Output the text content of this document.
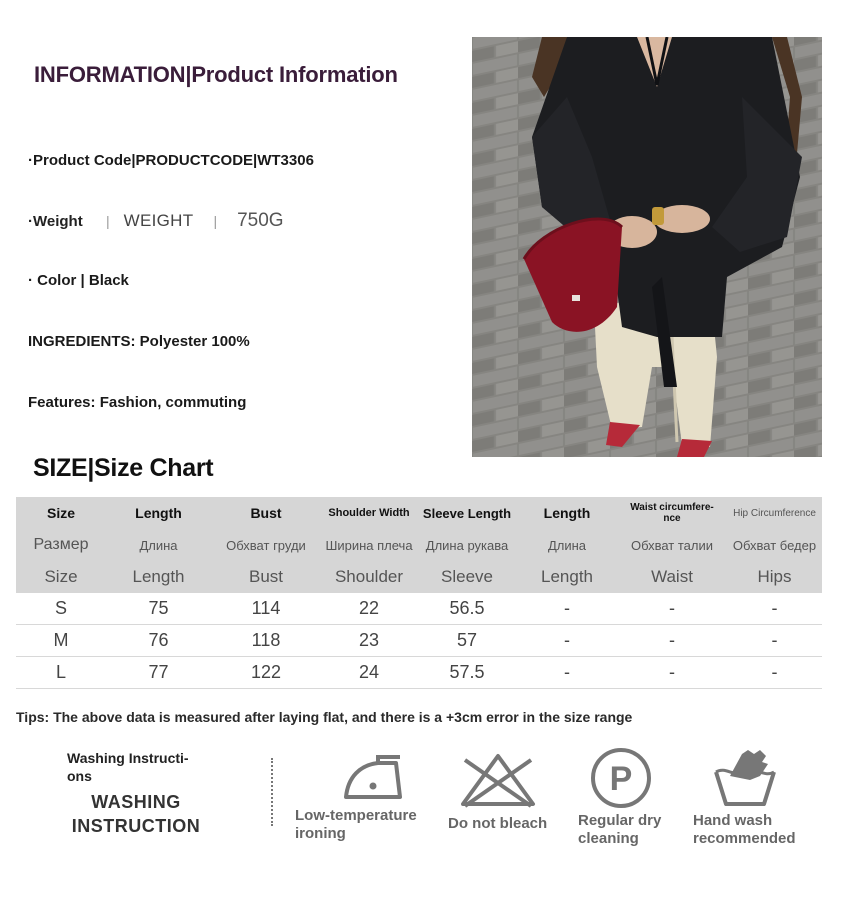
INFORMATION|Product Information
·Product Code|PRODUCTCODE|WT3306
·Weight	| WEIGHT | 750G
· Color | Black
INGREDIENTS: Polyester 100%
Features: Fashion, commuting
SIZE|Size Chart
Size	Length	Bust	Shoulder Width	Sleeve Length	Length	Waist circumfere-nce	Hip Circumference
Размер	Длина	Обхват груди	Ширина плеча	Длина рукава	Длина	Обхват талии	Обхват бедер
Size	Length	Bust	Shoulder	Sleeve	Length	Waist	Hips
S	75	114	22	56.5	-	-	-
M	76	118	23	57	-	-	-
L	77	122	24	57.5	-	-	-
Tips: The above data is measured after laying flat, and there is a +3cm error in the size range
Washing Instructi-ons
WASHING INSTRUCTION
Low-temperature ironing
Do not bleach
P
Regular dry cleaning
Hand wash recommended
